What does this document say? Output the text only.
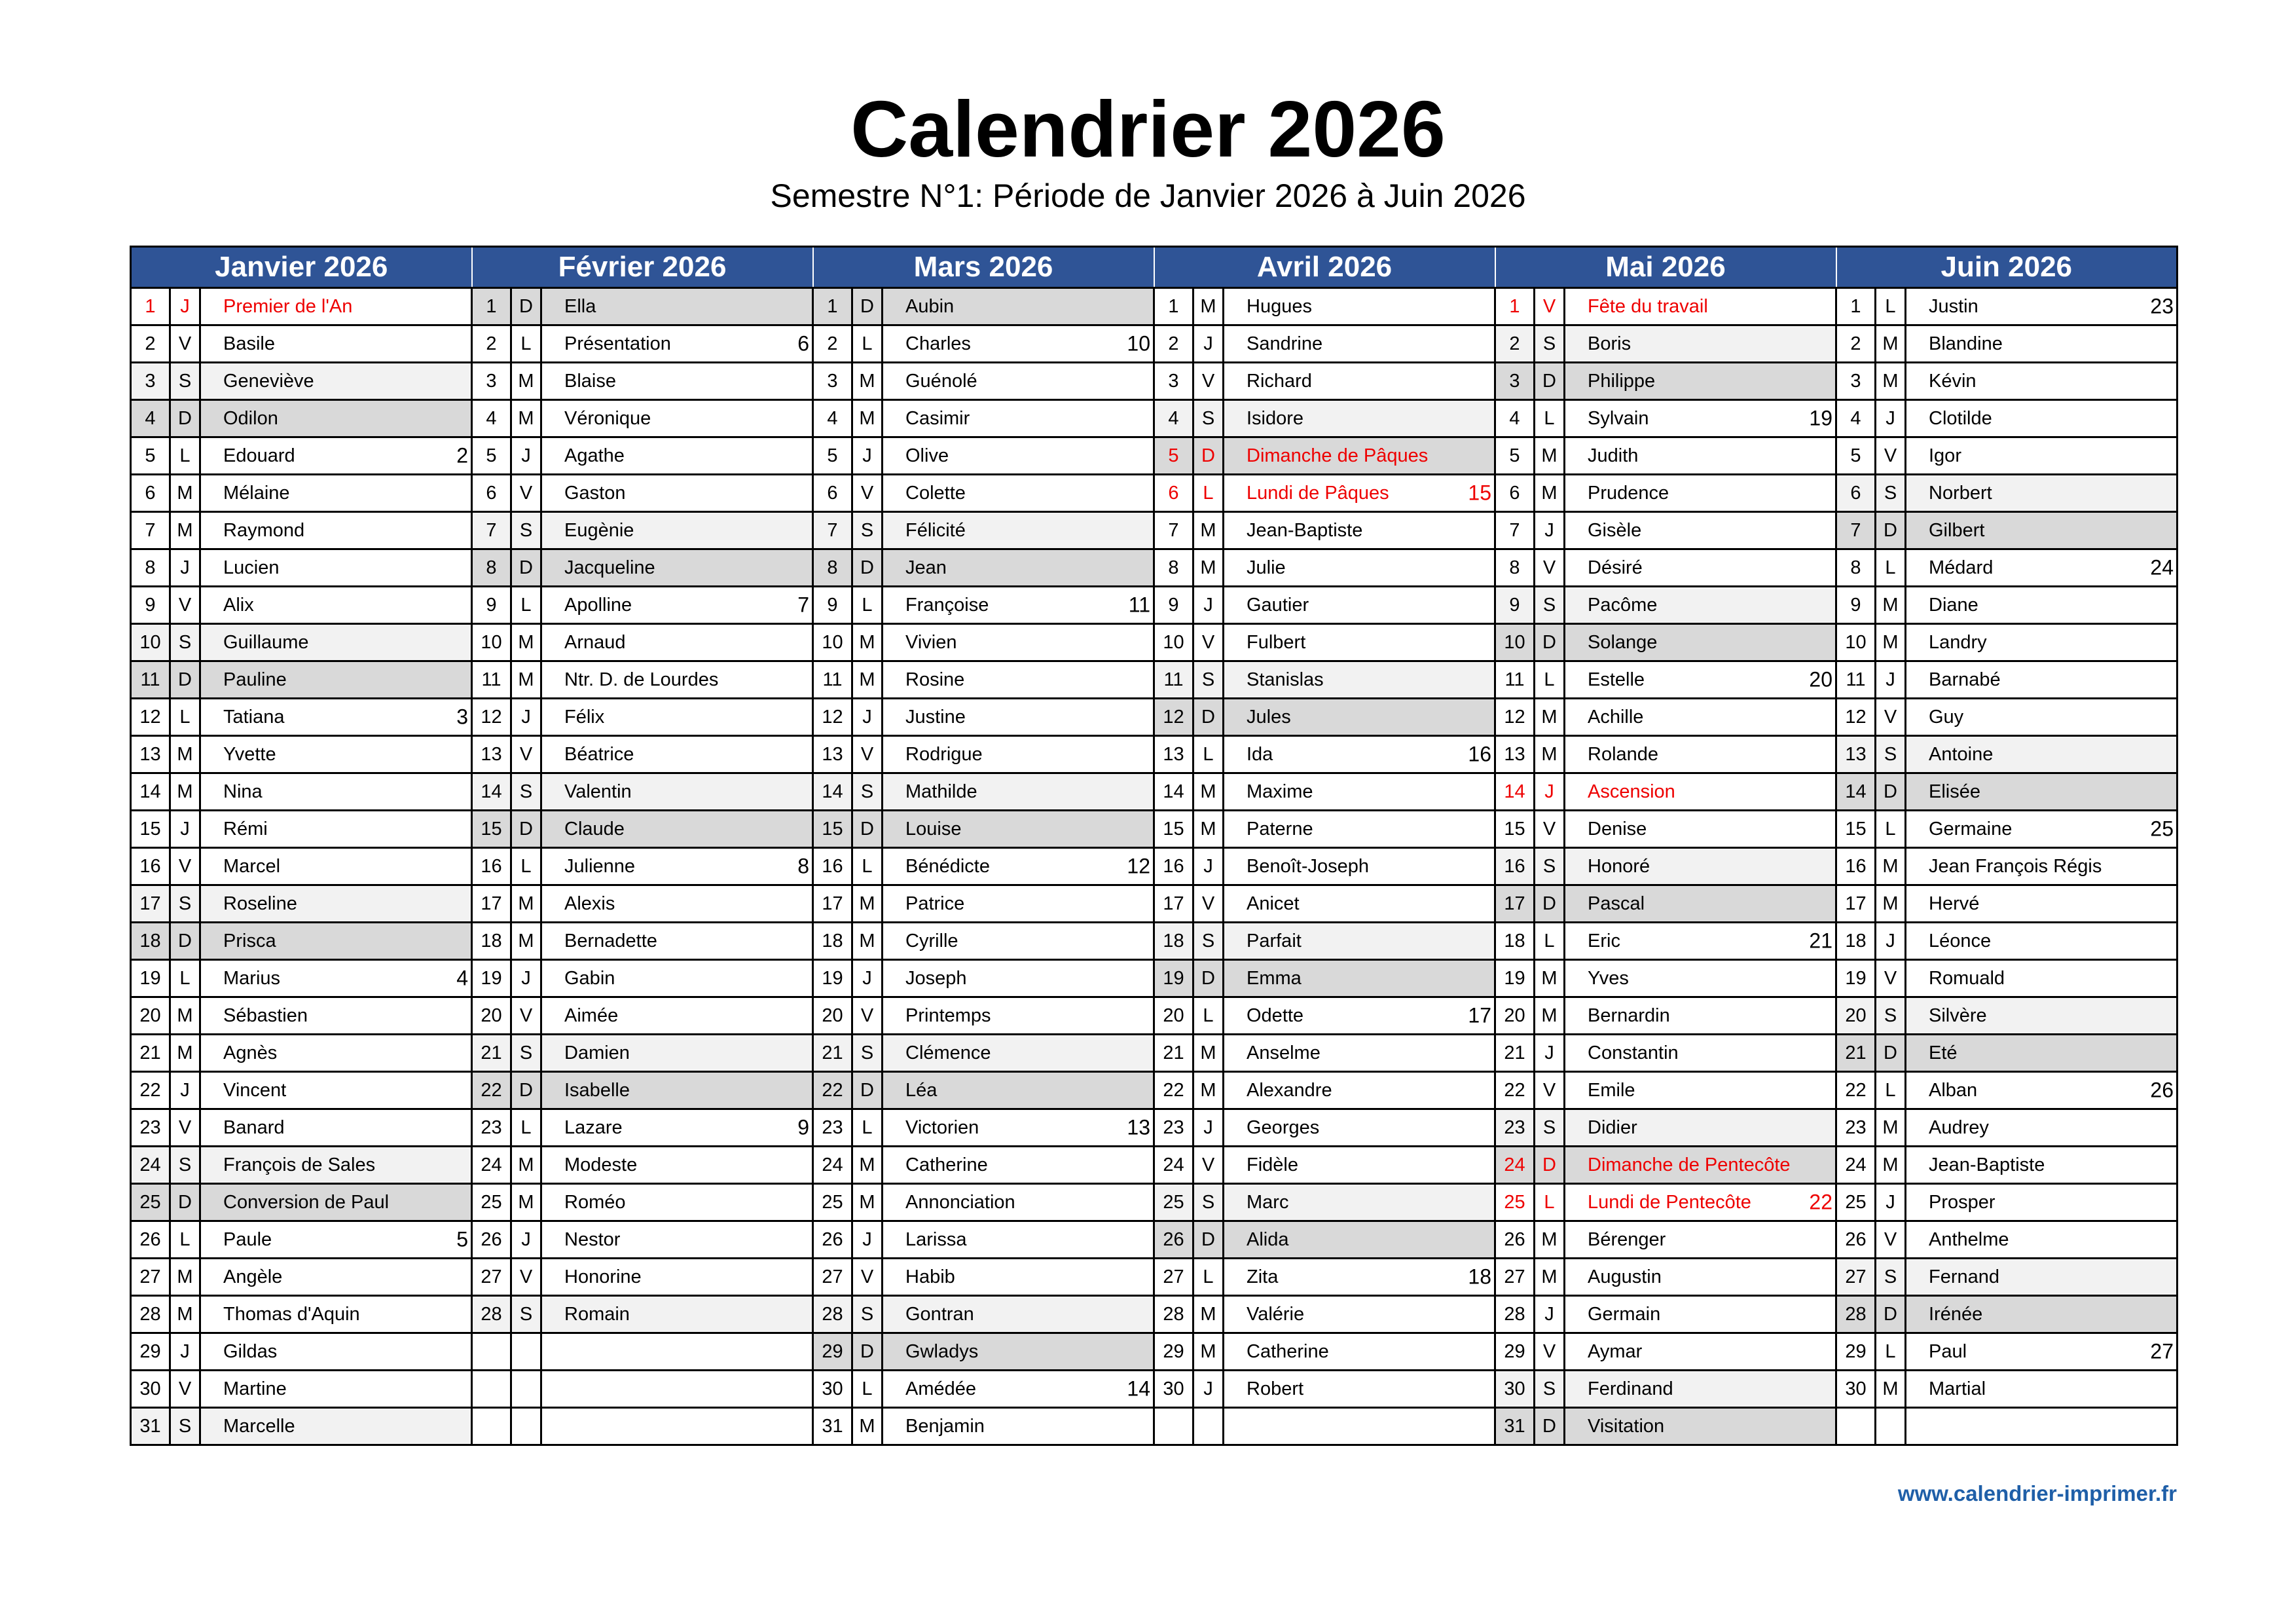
Calendrier 2026
Semestre N°1: Période de Janvier 2026 à Juin 2026
Janvier 2026			Février 2026			Mars 2026			Avril 2026			Mai 2026			Juin 2026		
1	J	Premier de l'An	1	D	Ella	1	D	Aubin	1	M	Hugues	1	V	Fête du travail	1	L	Justin 23

2	V	Basile	2	L	Présentation 6	2	L	Charles 10	2	J	Sandrine	2	S	Boris	2	M	Blandine
3	S	Geneviève	3	M	Blaise	3	M	Guénolé	3	V	Richard	3	D	Philippe	3	M	Kévin
4	D	Odilon	4	M	Véronique	4	M	Casimir	4	S	Isidore	4	L	Sylvain 19	4	J	Clotilde
5	L	Edouard 2	5	J	Agathe	5	J	Olive	5	D	Dimanche de Pâques	5	M	Judith	5	V	Igor
6	M	Mélaine	6	V	Gaston	6	V	Colette	6	L	Lundi de Pâques 15	6	M	Prudence	6	S	Norbert
7	M	Raymond	7	S	Eugènie	7	S	Félicité	7	M	Jean-Baptiste	7	J	Gisèle	7	D	Gilbert
8	J	Lucien	8	D	Jacqueline	8	D	Jean	8	M	Julie	8	V	Désiré	8	L	Médard 24

9	V	Alix	9	L	Apolline 7	9	L	Françoise 11	9	J	Gautier	9	S	Pacôme	9	M	Diane
10	S	Guillaume	10	M	Arnaud	10	M	Vivien	10	V	Fulbert	10	D	Solange	10	M	Landry
11	D	Pauline	11	M	Ntr. D. de Lourdes	11	M	Rosine	11	S	Stanislas	11	L	Estelle 20	11	J	Barnabé
12	L	Tatiana 3	12	J	Félix	12	J	Justine	12	D	Jules	12	M	Achille	12	V	Guy
13	M	Yvette	13	V	Béatrice	13	V	Rodrigue	13	L	Ida 16	13	M	Rolande	13	S	Antoine
14	M	Nina	14	S	Valentin	14	S	Mathilde	14	M	Maxime	14	J	Ascension	14	D	Elisée
15	J	Rémi	15	D	Claude	15	D	Louise	15	M	Paterne	15	V	Denise	15	L	Germaine 25

16	V	Marcel	16	L	Julienne 8	16	L	Bénédicte 12	16	J	Benoît-Joseph	16	S	Honoré	16	M	Jean François Régis
17	S	Roseline	17	M	Alexis	17	M	Patrice	17	V	Anicet	17	D	Pascal	17	M	Hervé
18	D	Prisca	18	M	Bernadette	18	M	Cyrille	18	S	Parfait	18	L	Eric 21	18	J	Léonce
19	L	Marius 4	19	J	Gabin	19	J	Joseph	19	D	Emma	19	M	Yves	19	V	Romuald
20	M	Sébastien	20	V	Aimée	20	V	Printemps	20	L	Odette 17	20	M	Bernardin	20	S	Silvère
21	M	Agnès	21	S	Damien	21	S	Clémence	21	M	Anselme	21	J	Constantin	21	D	Eté
22	J	Vincent	22	D	Isabelle	22	D	Léa	22	M	Alexandre	22	V	Emile	22	L	Alban 26

23	V	Banard	23	L	Lazare 9	23	L	Victorien 13	23	J	Georges	23	S	Didier	23	M	Audrey
24	S	François de Sales	24	M	Modeste	24	M	Catherine	24	V	Fidèle	24	D	Dimanche de Pentecôte	24	M	Jean-Baptiste
25	D	Conversion de Paul	25	M	Roméo	25	M	Annonciation	25	S	Marc	25	L	Lundi de Pentecôte 22	25	J	Prosper
26	L	Paule 5	26	J	Nestor	26	J	Larissa	26	D	Alida	26	M	Bérenger	26	V	Anthelme
27	M	Angèle	27	V	Honorine	27	V	Habib	27	L	Zita 18	27	M	Augustin	27	S	Fernand
28	M	Thomas d'Aquin	28	S	Romain	28	S	Gontran	28	M	Valérie	28	J	Germain	28	D	Irénée
29	J	Gildas				29	D	Gwladys	29	M	Catherine	29	V	Aymar	29	L	Paul 27

30	V	Martine				30	L	Amédée 14	30	J	Robert	30	S	Ferdinand	30	M	Martial
31	S	Marcelle				31	M	Benjamin				31	D	Visitation			
www.calendrier-imprimer.fr
